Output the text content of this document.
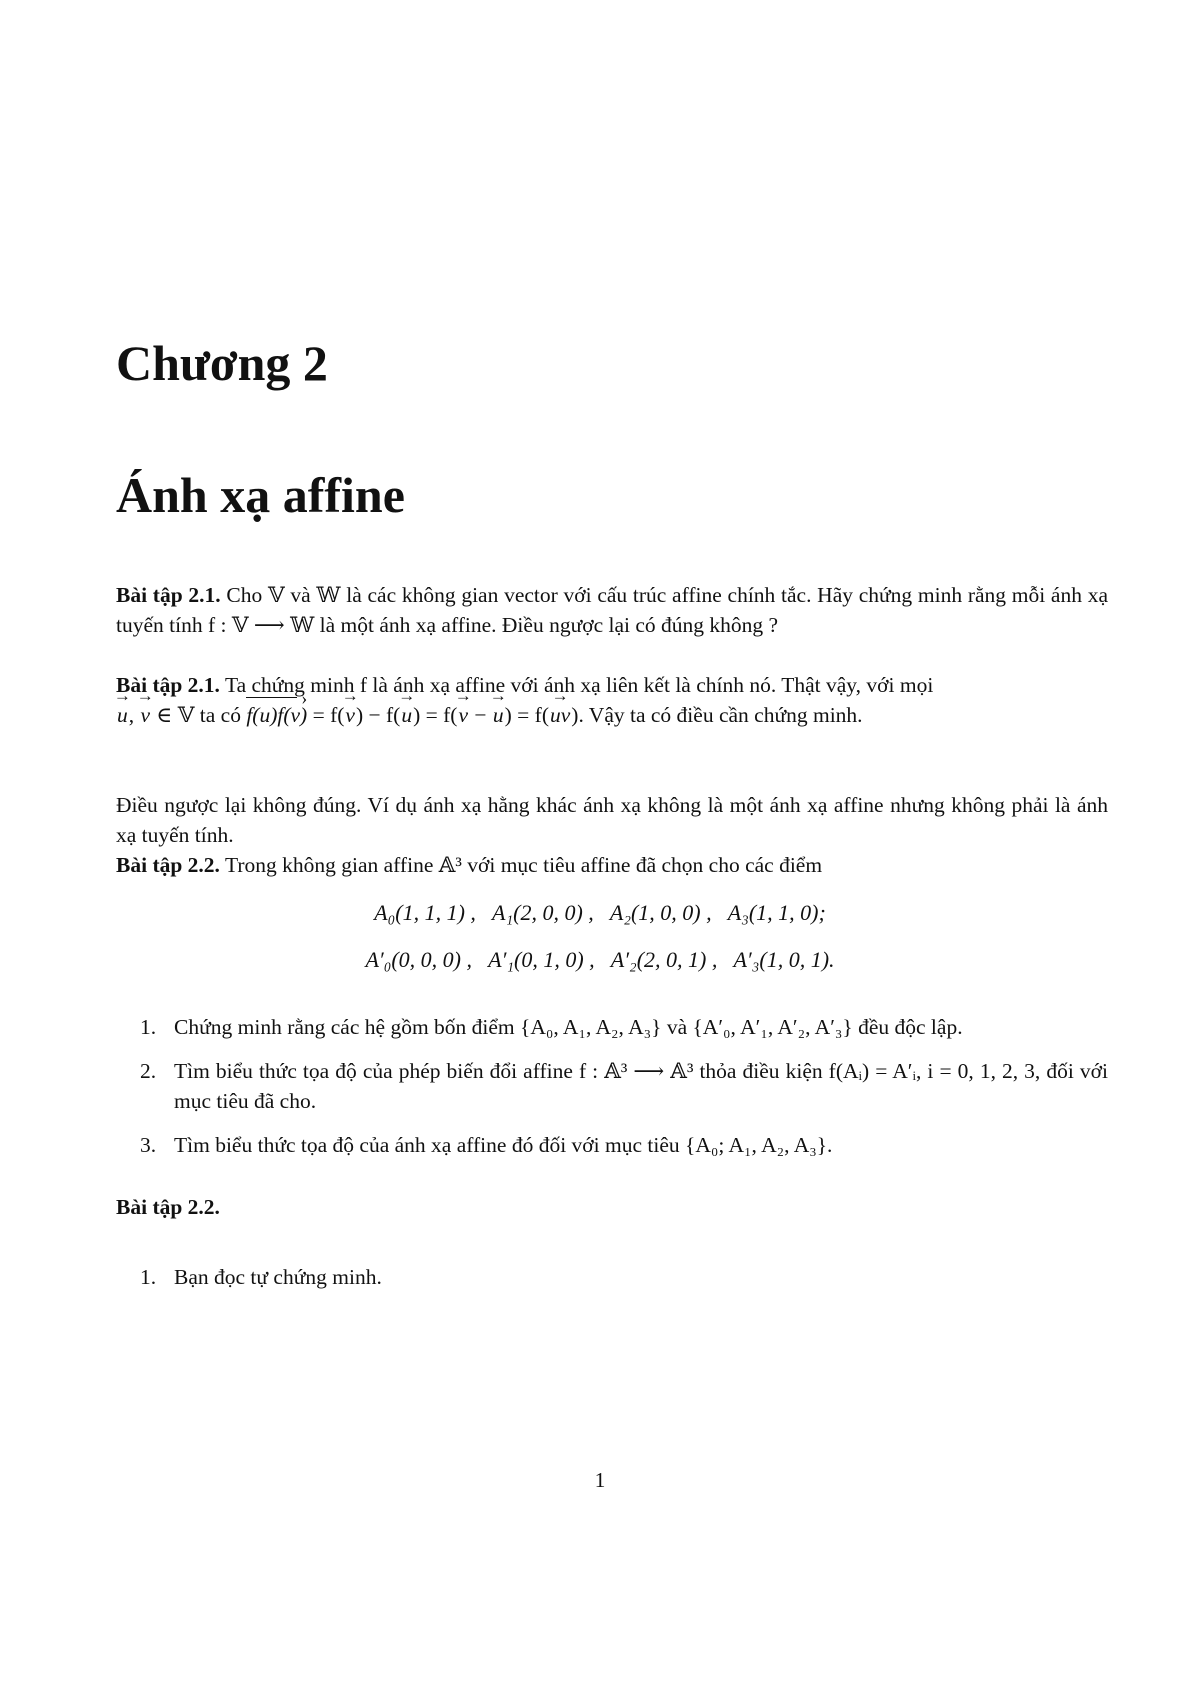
Chương 2
Ánh xạ affine
Bài tập 2.1. Cho 𝕍 và 𝕎 là các không gian vector với cấu trúc affine chính tắc. Hãy chứng minh rằng mỗi ánh xạ tuyến tính f : 𝕍 ⟶ 𝕎 là một ánh xạ affine. Điều ngược lại có đúng không ?
Bài tập 2.1. Ta chứng minh f là ánh xạ affine với ánh xạ liên kết là chính nó. Thật vậy, với mọi
→ u, → v ∈ 𝕍 ta có f(u)f(v) › = f(→ v) − f(→ u) = f(→ v − → u) = f(→ uv). Vậy ta có điều cần chứng minh.
Điều ngược lại không đúng. Ví dụ ánh xạ hằng khác ánh xạ không là một ánh xạ affine nhưng không phải là ánh xạ tuyến tính.
Bài tập 2.2. Trong không gian affine 𝔸³ với mục tiêu affine đã chọn cho các điểm
A₀(1, 1, 1) , A₁(2, 0, 0) , A₂(1, 0, 0) , A₃(1, 1, 0);
A′₀(0, 0, 0) , A′₁(0, 1, 0) , A′₂(2, 0, 1) , A′₃(1, 0, 1).
1. Chứng minh rằng các hệ gồm bốn điểm {A₀, A₁, A₂, A₃} và {A′₀, A′₁, A′₂, A′₃} đều độc lập.
2. Tìm biểu thức tọa độ của phép biến đổi affine f : 𝔸³ ⟶ 𝔸³ thỏa điều kiện f(Aᵢ) = A′ᵢ, i = 0, 1, 2, 3, đối với mục tiêu đã cho.
3. Tìm biểu thức tọa độ của ánh xạ affine đó đối với mục tiêu {A₀; A₁, A₂, A₃}.
Bài tập 2.2.
1. Bạn đọc tự chứng minh.
1
